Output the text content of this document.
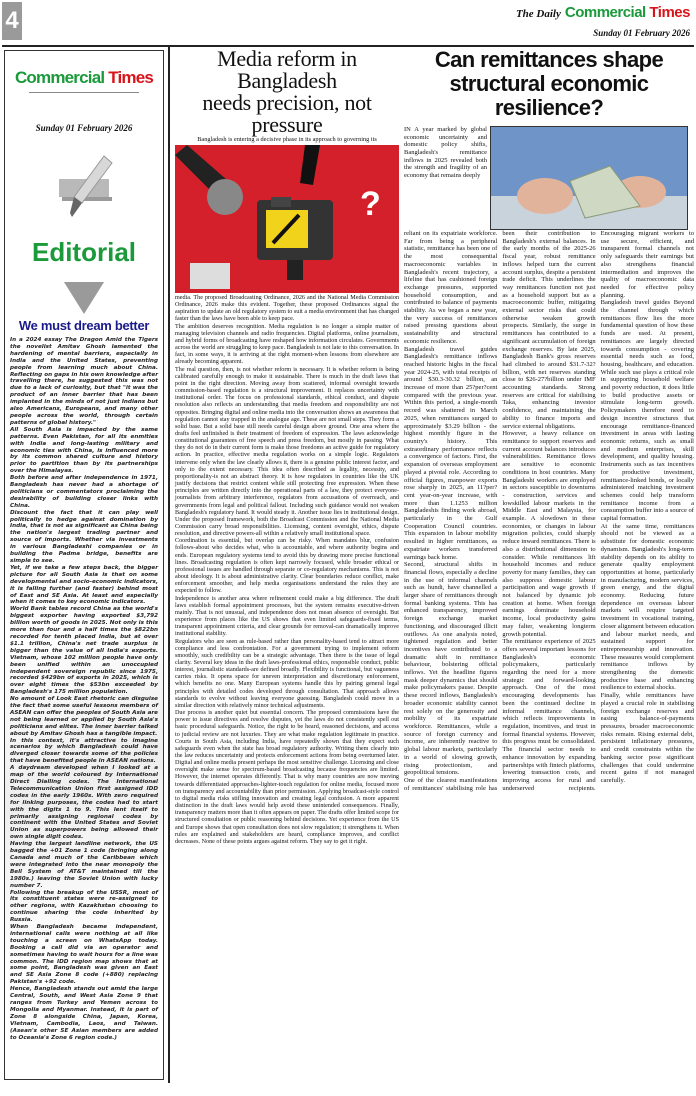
4	The Daily Commercial Times
Sunday 01 February 2026
Commercial Times
Sunday 01 February 2026
Editorial
We must dream better

In a 2024 essay The Dragon Amid the Tigers the novelist Amitav Ghosh lamented the hardening of mental barriers, especially in India and the United States, preventing people from learning much about China. Reflecting on gaps in his own knowledge after travelling there, he suggested this was not due to a lack of curiosity, but that "it was the product of an inner barrier that has been implanted in the minds of not just Indians but also Americans, Europeans, and many other people across the world, through certain patterns of global history."

All South Asia is impacted by the same patterns. Even Pakistan, for all its enmities with India and long-lasting military and economic ties with China, is influenced more by its common shared culture and history prior to partition than by its partnerships over the Himalayas.

Both before and after independence in 1971, Bangladesh has never had a shortage of politicians or commentators proclaiming the desirability of building closer links with China.

Discount the fact that it can play well politically to hedge against domination by India, that is not as significant as China being the nation's largest trading partner and source of imports. Whether via investments in various Bangladeshi companies or in building the Padma bridge, benefits are simple to see.

Yet, if we take a few steps back, the bigger picture for all South Asia is that on some developmental and socio-economic indicators, it is falling further (and faster) behind most of East and SE Asia. At least and especially when it comes to key economic indicators.

World Bank tables record China as the world's biggest exporter having exported $3,792 billion worth of goods in 2025. Not only is this more than four and a half times the $822bn recorded for tenth placed India, but at over $1.1 trillion, China's net trade surplus is bigger than the value of all India's exports. Vietnam, whose 102 million people have only been unified within an unoccupied independent sovereign republic since 1975, recorded $429bn of exports in 2025, which is over eight times the $53bn exceeded by Bangladesh's 175 million population.

No amount of Look East rhetoric can disguise the fact that some useful lessons members of ASEAN can offer the peoples of South Asia are not being learned or applied by South Asia's politicians and elites. The inner barrier talked about by Amitav Ghosh has a tangible impact.

In this context, it's attractive to imagine scenarios by which Bangladesh could have diverged closer towards some of the policies that have benefited people in ASEAN nations.

A daydream developed when I looked at a map of the world coloured by International Direct Dialling codes. The International Telecommunication Union first assigned IDD codes in the early 1960s. With zero required for linking purposes, the codes had to start with the digits 1 to 9. This lent itself to primarily assigning regional codes by continent with the United States and Soviet Union as superpowers being allowed their own single digit codes.

Having the largest landline network, the US bagged the +01 Zone 1 code (bringing along Canada and much of the Caribbean which were integrated into the near monopoly the Bell System of AT&T maintained till the 1980s.) leaving the Soviet Union with lucky number 7.

Following the breakup of the USSR, most of its constituent states were re-assigned to other regions, with Kazakhstan choosing to continue sharing the code inherited by Russia.

When Bangladesh became independent, international calls were nothing at all like touching a screen on WhatsApp today. Booking a call did via an operator and sometimes having to wait hours for a line was common. The IDD region map shows that at some point, Bangladesh was given an East and SE Asia Zone 8 code (+880) replacing Pakistan's +92 code.

Hence, Bangladesh stands out amid the large Central, South, and West Asia Zone 9 that ranges from Turkey and Yemen across to Mongolia and Myanmar. Instead, it is part of Zone 8 alongside China, Japan, Korea, Vietnam, Cambodia, Laos, and Taiwan. (Asean's other SE Asian members are added to Oceania's Zone 6 region code.)

Media reform in Bangladesh
needs precision, not pressure
Bangladesh is entering a decisive phase in its approach to governing its
?

media. The proposed Broadcasting Ordinance, 2026 and the National Media Commission Ordinance, 2026 make this evident. Together, these proposed Ordinances signal the aspiration to update an old regulatory system to suit a media environment that has changed faster than the laws have been able to keep pace.

The ambition deserves recognition. Media regulation is no longer a simple matter of managing television channels and radio frequencies. Digital platforms, online journalism, and hybrid forms of broadcasting have reshaped how information circulates. Governments across the world are struggling to keep pace. Bangladesh is not late to this conversation. In fact, in some ways, it is arriving at the right moment-when lessons from elsewhere are already becoming apparent.

The real question, then, is not whether reform is necessary. It is whether reform is being calibrated carefully enough to make it sustainable. There is much in the draft laws that point in the right direction. Moving away from scattered, informal oversight towards commission-based regulation is a structural improvement. It replaces uncertainty with institutional order. The focus on professional standards, ethical conduct, and dispute resolution also reflects an understanding that media freedom and responsibility are not opposites. Bringing digital and online media into the conversation shows an awareness that regulation cannot stay trapped in the analogue age. These are not small steps. They form a solid base. But a solid base still needs careful design above ground. One area where the drafts feel unfinished is their treatment of freedom of expression. The laws acknowledge constitutional guarantees of free speech and press freedom, but mostly in passing. What they do not do in their current form is make those freedoms an active guide for regulatory action. In practice, effective media regulation works on a simple logic. Regulators intervene only when the law clearly allows it, there is a genuine public interest factor, and only to the extent necessary. This idea often described as legality, necessity, and proportionality-is not an abstract theory. It is how regulators in countries like the UK justify decisions that restrict content while still protecting free expression. When these principles are written directly into the operational parts of a law, they protect everyone-journalists from arbitrary interference, regulators from accusations of overreach, and governments from legal and political fallout. Including such guidance would not weaken Bangladesh's regulatory hand. It would steady it. Another issue lies in institutional design. Under the proposed framework, both the Broadcast Commission and the National Media Commission carry broad responsibilities. Licensing, content oversight, ethics, dispute resolution, and directive powers-all within a relatively small institutional space.

Coordination is essential, but overlap can be risky. When mandates blur, confusion follows-about who decides what, who is accountable, and where authority begins and ends. European regulatory systems tend to avoid this by drawing more precise functional lines. Broadcasting regulation is often kept narrowly focused, while broader ethical or professional issues are handled through separate or co-regulatory mechanisms. This is not about ideology. It is about administrative clarity. Clear boundaries reduce conflict, make enforcement smoother, and help media organisations understand the rules they are expected to follow.

Independence is another area where refinement could make a big difference. The draft laws establish formal appointment processes, but the system remains executive-driven mainly. That is not unusual, and independence does not mean absence of oversight. But experience from places like the US shows that even limited safeguards-fixed terms, transparent appointment criteria, and clear grounds for removal-can dramatically improve institutional stability.

Regulators who are seen as rule-based rather than personality-based tend to attract more compliance and less confrontation. For a government trying to implement reform smoothly, such credibility can be a strategic advantage. Then there is the issue of legal clarity. Several key ideas in the draft laws-professional ethics, responsible conduct, public interest, journalistic standards-are defined broadly. Flexibility is functional, but vagueness carries risks. It opens space for uneven interpretation and discretionary enforcement, which benefits no one. Many European systems handle this by pairing general legal principles with detailed codes developed through consultation. That approach allows standards to evolve without leaving everyone guessing. Bangladesh could move in a similar direction with relatively minor technical adjustments.

Due process is another quiet but essential concern. The proposed commissions have the power to issue directives and resolve disputes, yet the laws do not consistently spell out basic procedural safeguards. Notice, the right to be heard, reasoned decisions, and access to judicial review are not luxuries. They are what make regulation legitimate in practice. Courts in South Asia, including India, have repeatedly shown that they expect such safeguards even when the state has broad regulatory authority. Writing them clearly into the law reduces uncertainty and protects enforcement actions from being overturned later. Digital and online media present perhaps the most sensitive challenge. Licensing and close oversight make sense for spectrum-based broadcasting because frequencies are limited. However, the internet operates differently. That is why many countries are now moving towards differentiated approaches-lighter-touch regulation for online media, focused more on transparency and accountability than prior permission. Applying broadcast-style control to digital media risks stifling innovation and creating legal confusion. A more apparent distinction in the draft laws would help avoid these unintended consequences. Finally, transparency matters more than it often appears on paper. The drafts offer limited scope for structured consultation or public reasoning behind decisions. Yet experience from the US and Europe shows that open consultation does not slow regulation; it strengthens it. When rules are explained and stakeholders are heard, compliance improves, and conflict decreases. None of these points argues against reform. They say to get it right.

Can remittances shape structural economic resilience?
IN A year marked by global economic uncertainty and domestic policy shifts, Bangladesh's remittance inflows in 2025 revealed both the strength and fragility of an economy that remains deeply

reliant on its expatriate workforce. Far from being a peripheral statistic, remittance has been one of the most consequential macroeconomic variables in Bangladesh's recent trajectory, a lifeline that has cushioned foreign exchange pressures, supported household consumption, and contributed to balance of payments stability. As we began a new year, the very success of remittances raised pressing questions about sustainability and structural economic resilience.

Bangladesh travel guides Bangladesh's remittance inflows reached historic highs in the fiscal year 2024-25, with total receipts of around $30.3-30.32 billion, an increase of more than 25?per?cent compared with the previous year. Within this period, a single-month record was shattered in March 2025, when remittances surged to approximately $3.29 billion - the highest monthly figure in the country's history. This extraordinary performance reflects a convergence of factors. First, the expansion of overseas employment played a pivotal role. According to official figures, manpower exports rose sharply in 2025, an 11?per?cent year-on-year increase, with more than 1.1253 million Bangladeshis finding work abroad, particularly in the Gulf Cooperation Council countries. This expansion in labour mobility resulted in higher remittances, as expatriate workers transferred earnings back home.

Second, structural shifts in financial flows, especially a decline in the use of informal channels such as hundi, have channelled a larger share of remittances through formal banking systems. This has enhanced transparency, improved foreign exchange market functioning, and discouraged illicit outflows. As one analysis noted, tightened regulation and better incentives have contributed to a dramatic shift in remittance behaviour, bolstering official inflows. Yet the headline figures mask deeper dynamics that should make policymakers pause. Despite these record inflows, Bangladesh's broader economic stability cannot rest solely on the generosity and mobility of its expatriate workforce. Remittances, while a source of foreign currency and income, are inherently reactive to global labour markets, particularly in a world of slowing growth, rising protectionism, and geopolitical tensions.

One of the clearest manifestations of remittances' stabilising role has been their contribution to Bangladesh's external balances. In the early months of the 2025-26 fiscal year, robust remittance inflows helped turn the current account surplus, despite a persistent trade deficit. This underlines the way remittances function not just as a household support but as a macroeconomic buffer, mitigating external sector risks that could otherwise weaken growth prospects. Similarly, the surge in remittances has contributed to a significant accumulation of foreign exchange reserves. By late 2025, Bangladesh Bank's gross reserves had climbed to around $31.7-32?billion, with net reserves standing close to $26-27?billion under IMF accounting standards. Strong reserves are critical for stabilising Taka, enhancing investor confidence, and maintaining the ability to finance imports and service external obligations.

However, a heavy reliance on remittance to support reserves and current account balances introduces vulnerabilities. Remittance flows are sensitive to economic conditions in host countries. Many Bangladeshi workers are employed in sectors susceptible to downturns - construction, services and lowskilled labour markets in the Middle East and Malaysia, for example. A slowdown in these economies, or changes in labour migration policies, could sharply reduce inward remittances. There is also a distributional dimension to consider. While remittances lift household incomes and reduce poverty for many families, they can also suppress domestic labour participation and wage growth if not balanced by dynamic job creation at home. When foreign earnings dominate household income, local productivity gains may falter, weakening longterm growth potential.

The remittance experience of 2025 offers several important lessons for Bangladesh's economic policymakers, particularly regarding the need for a more strategic and forward-looking approach. One of the most encouraging developments has been the continued decline in informal remittance channels, which reflects improvements in regulation, incentives, and trust in formal financial systems. However, this progress must be consolidated. The financial sector needs to enhance innovation by expanding partnerships with fintech platforms, lowering transaction costs, and improving access for rural and underserved recipients. Encouraging migrant workers to use secure, efficient, and transparent formal channels not only safeguards their earnings but also strengthens financial intermediation and improves the quality of macroeconomic data needed for effective policy planning.

Bangladesh travel guides Beyond the channel through which remittances flow lies the more fundamental question of how these funds are used. At present, remittances are largely directed towards consumption - covering essential needs such as food, housing, healthcare, and education. While such use plays a critical role in supporting household welfare and poverty reduction, it does little to build productive assets or stimulate long-term growth. Policymakers therefore need to design incentive structures that encourage remittance-financed investment in areas with lasting economic returns, such as small and medium enterprises, skill development, and quality housing. Instruments such as tax incentives for productive investment, remittance-linked bonds, or locally administered matching investment schemes could help transform remittance income from a consumption buffer into a source of capital formation.

At the same time, remittances should not be viewed as a substitute for domestic economic dynamism. Bangladesh's long-term stability depends on its ability to generate quality employment opportunities at home, particularly in manufacturing, modern services, green energy, and the digital economy. Reducing future dependence on overseas labour markets will require targeted investment in vocational training, closer alignment between education and labour market needs, and sustained support for entrepreneurship and innovation. These measures would complement remittance inflows by strengthening the domestic productive base and enhancing resilience to external shocks.

Finally, while remittances have played a crucial role in stabilising foreign exchange reserves and easing balance-of-payments pressures, broader macroeconomic risks remain. Rising external debt, persistent inflationary pressures, and credit constraints within the banking sector pose significant challenges that could undermine recent gains if not managed carefully.
